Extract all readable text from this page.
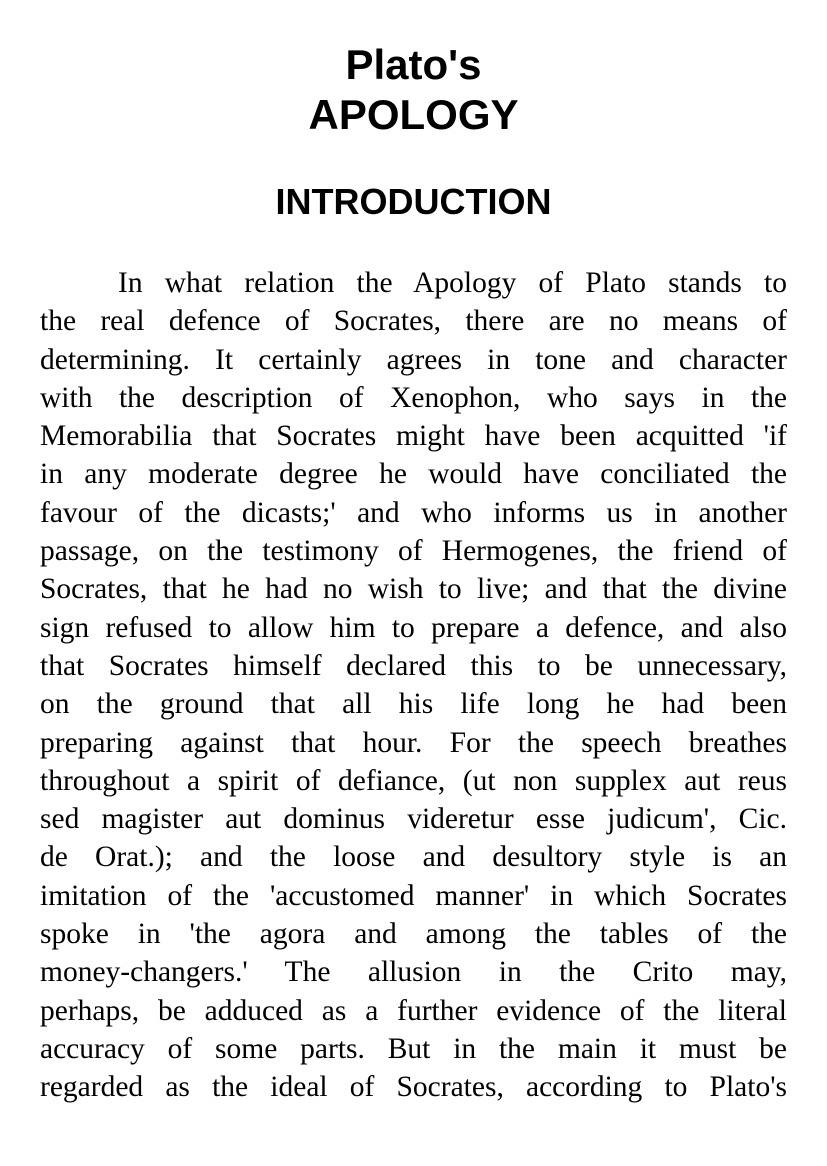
Plato's
APOLOGY
INTRODUCTION
In what relation the Apology of Plato stands to
the real defence of Socrates, there are no means of
determining. It certainly agrees in tone and character
with the description of Xenophon, who says in the
Memorabilia that Socrates might have been acquitted 'if
in any moderate degree he would have conciliated the
favour of the dicasts;' and who informs us in another
passage, on the testimony of Hermogenes, the friend of
Socrates, that he had no wish to live; and that the divine
sign refused to allow him to prepare a defence, and also
that Socrates himself declared this to be unnecessary,
on the ground that all his life long he had been
preparing against that hour. For the speech breathes
throughout a spirit of defiance, (ut non supplex aut reus
sed magister aut dominus videretur esse judicum', Cic.
de Orat.); and the loose and desultory style is an
imitation of the 'accustomed manner' in which Socrates
spoke in 'the agora and among the tables of the
money-changers.' The allusion in the Crito may,
perhaps, be adduced as a further evidence of the literal
accuracy of some parts. But in the main it must be
regarded as the ideal of Socrates, according to Plato's
